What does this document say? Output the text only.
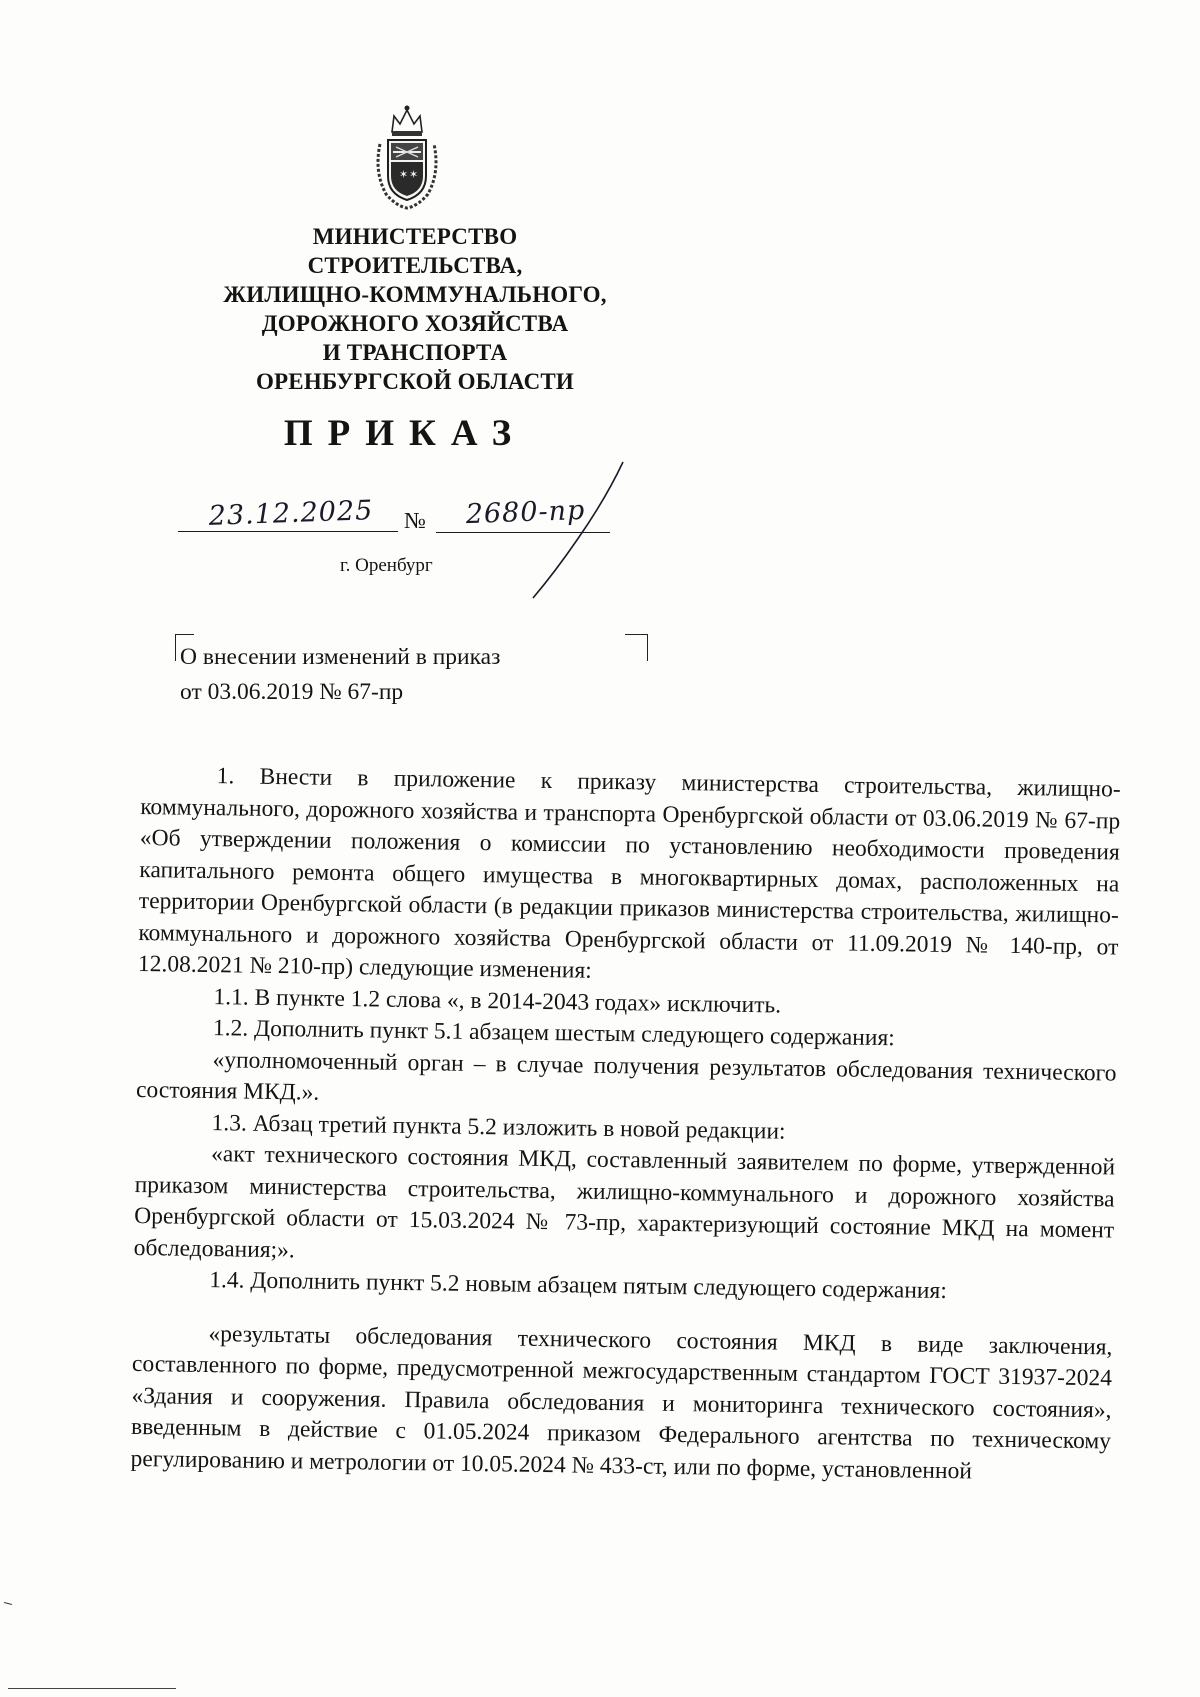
✶ ✶
МИНИСТЕРСТВО
СТРОИТЕЛЬСТВА,
ЖИЛИЩНО-КОММУНАЛЬНОГО,
ДОРОЖНОГО ХОЗЯЙСТВА
И ТРАНСПОРТА
ОРЕНБУРГСКОЙ ОБЛАСТИ
ПРИКАЗ
23.12.2025	№	2680-пр
г. Оренбург
О внесении изменений в приказ
от 03.06.2019 № 67-пр

1. Внести в приложение к приказу министерства строительства, жилищно-коммунального, дорожного хозяйства и транспорта Оренбургской области от 03.06.2019 № 67-пр «Об утверждении положения о комиссии по установлению необходимости проведения капитального ремонта общего имущества в многоквартирных домах, расположенных на территории Оренбургской области (в редакции приказов министерства строительства, жилищно-коммунального и дорожного хозяйства Оренбургской области от 11.09.2019 № 140-пр, от 12.08.2021 № 210-пр) следующие изменения:

1.1. В пункте 1.2 слова «, в 2014-2043 годах» исключить.

1.2. Дополнить пункт 5.1 абзацем шестым следующего содержания:

«уполномоченный орган – в случае получения результатов обследования технического состояния МКД.».

1.3. Абзац третий пункта 5.2 изложить в новой редакции:

«акт технического состояния МКД, составленный заявителем по форме, утвержденной приказом министерства строительства, жилищно-коммунального и дорожного хозяйства Оренбургской области от 15.03.2024 № 73-пр, характеризующий состояние МКД на момент обследования;».

1.4. Дополнить пункт 5.2 новым абзацем пятым следующего содержания:

«результаты обследования технического состояния МКД в виде заключения, составленного по форме, предусмотренной межгосударственным стандартом ГОСТ 31937-2024 «Здания и сооружения. Правила обследования и мониторинга технического состояния», введенным в действие с 01.05.2024 приказом Федерального агентства по техническому регулированию и метрологии от 10.05.2024 № 433-ст, или по форме, установленной
